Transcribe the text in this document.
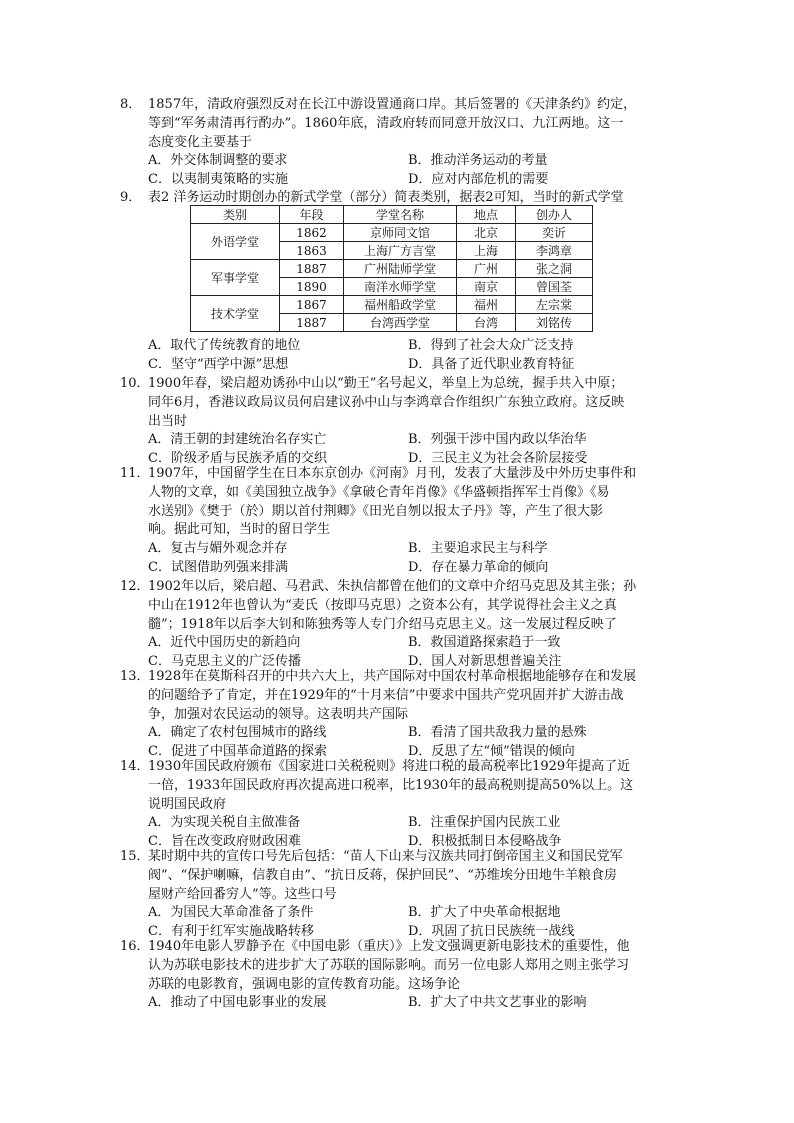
8． 1857年，清政府强烈反对在长江中游设置通商口岸。其后签署的《天津条约》约定，
等到“军务肃清再行酌办”。1860年底，清政府转而同意开放汉口、九江两地。这一
态度变化主要基于
A．外交体制调整的要求	B．推动洋务运动的考量
C．以夷制夷策略的实施	D．应对内部危机的需要
9． 表2 洋务运动时期创办的新式学堂（部分）简表类别，据表2可知，当时的新式学堂
类别	年段	学堂名称	地点	创办人
外语学堂	1862	京师同文馆	北京	奕䜣
	1863	上海广方言堂	上海	李鸿章
军事学堂	1887	广州陆师学堂	广州	张之洞
	1890	南洋水师学堂	南京	曾国荃
技术学堂	1867	福州船政学堂	福州	左宗棠
	1887	台湾西学堂	台湾	刘铭传
A．取代了传统教育的地位	B．得到了社会大众广泛支持
C．坚守“西学中源”思想	D．具备了近代职业教育特征
10．1900年春，梁启超劝诱孙中山以“勤王”名号起义，举皇上为总统，握手共入中原；
同年6月，香港议政局议员何启建议孙中山与李鸿章合作组织广东独立政府。这反映
出当时
A．清王朝的封建统治名存实亡	B．列强干涉中国内政以华治华
C．阶级矛盾与民族矛盾的交织	D．三民主义为社会各阶层接受
11．1907年，中国留学生在日本东京创办《河南》月刊，发表了大量涉及中外历史事件和
人物的文章，如《美国独立战争》《拿破仑青年肖像》《华盛顿指挥军士肖像》《易
水送别》《樊于（於）期以首付荆卿》《田光自刎以报太子丹》等，产生了很大影
响。据此可知，当时的留日学生
A．复古与媚外观念并存	B．主要追求民主与科学
C．试图借助列强来排满	D．存在暴力革命的倾向
12．1902年以后，梁启超、马君武、朱执信都曾在他们的文章中介绍马克思及其主张；孙
中山在1912年也曾认为“麦氏（按即马克思）之资本公有，其学说得社会主义之真
髓”；1918年以后李大钊和陈独秀等人专门介绍马克思主义。这一发展过程反映了
A．近代中国历史的新趋向	B．救国道路探索趋于一致
C．马克思主义的广泛传播	D．国人对新思想普遍关注
13．1928年在莫斯科召开的中共六大上，共产国际对中国农村革命根据地能够存在和发展
的问题给予了肯定，并在1929年的“十月来信”中要求中国共产党巩固并扩大游击战
争，加强对农民运动的领导。这表明共产国际
A．确定了农村包围城市的路线	B．看清了国共敌我力量的悬殊
C．促进了中国革命道路的探索	D．反思了左“倾”错误的倾向
14．1930年国民政府颁布《国家进口关税税则》将进口税的最高税率比1929年提高了近
一倍，1933年国民政府再次提高进口税率，比1930年的最高税则提高50%以上。这
说明国民政府
A．为实现关税自主做准备	B．注重保护国内民族工业
C．旨在改变政府财政困难	D．积极抵制日本侵略战争
15．某时期中共的宣传口号先后包括：“苗人下山来与汉族共同打倒帝国主义和国民党军
阀”、“保护喇嘛，信教自由”、“抗日反蒋，保护回民”、“苏维埃分田地牛羊粮食房
屋财产给回番穷人”等。这些口号
A．为国民大革命准备了条件	B．扩大了中央革命根据地
C．有利于红军实施战略转移	D．巩固了抗日民族统一战线
16．1940年电影人罗静予在《中国电影（重庆）》上发文强调更新电影技术的重要性，他
认为苏联电影技术的进步扩大了苏联的国际影响。而另一位电影人郑用之则主张学习
苏联的电影教育，强调电影的宣传教育功能。这场争论
A．推动了中国电影事业的发展	B．扩大了中共文艺事业的影响
